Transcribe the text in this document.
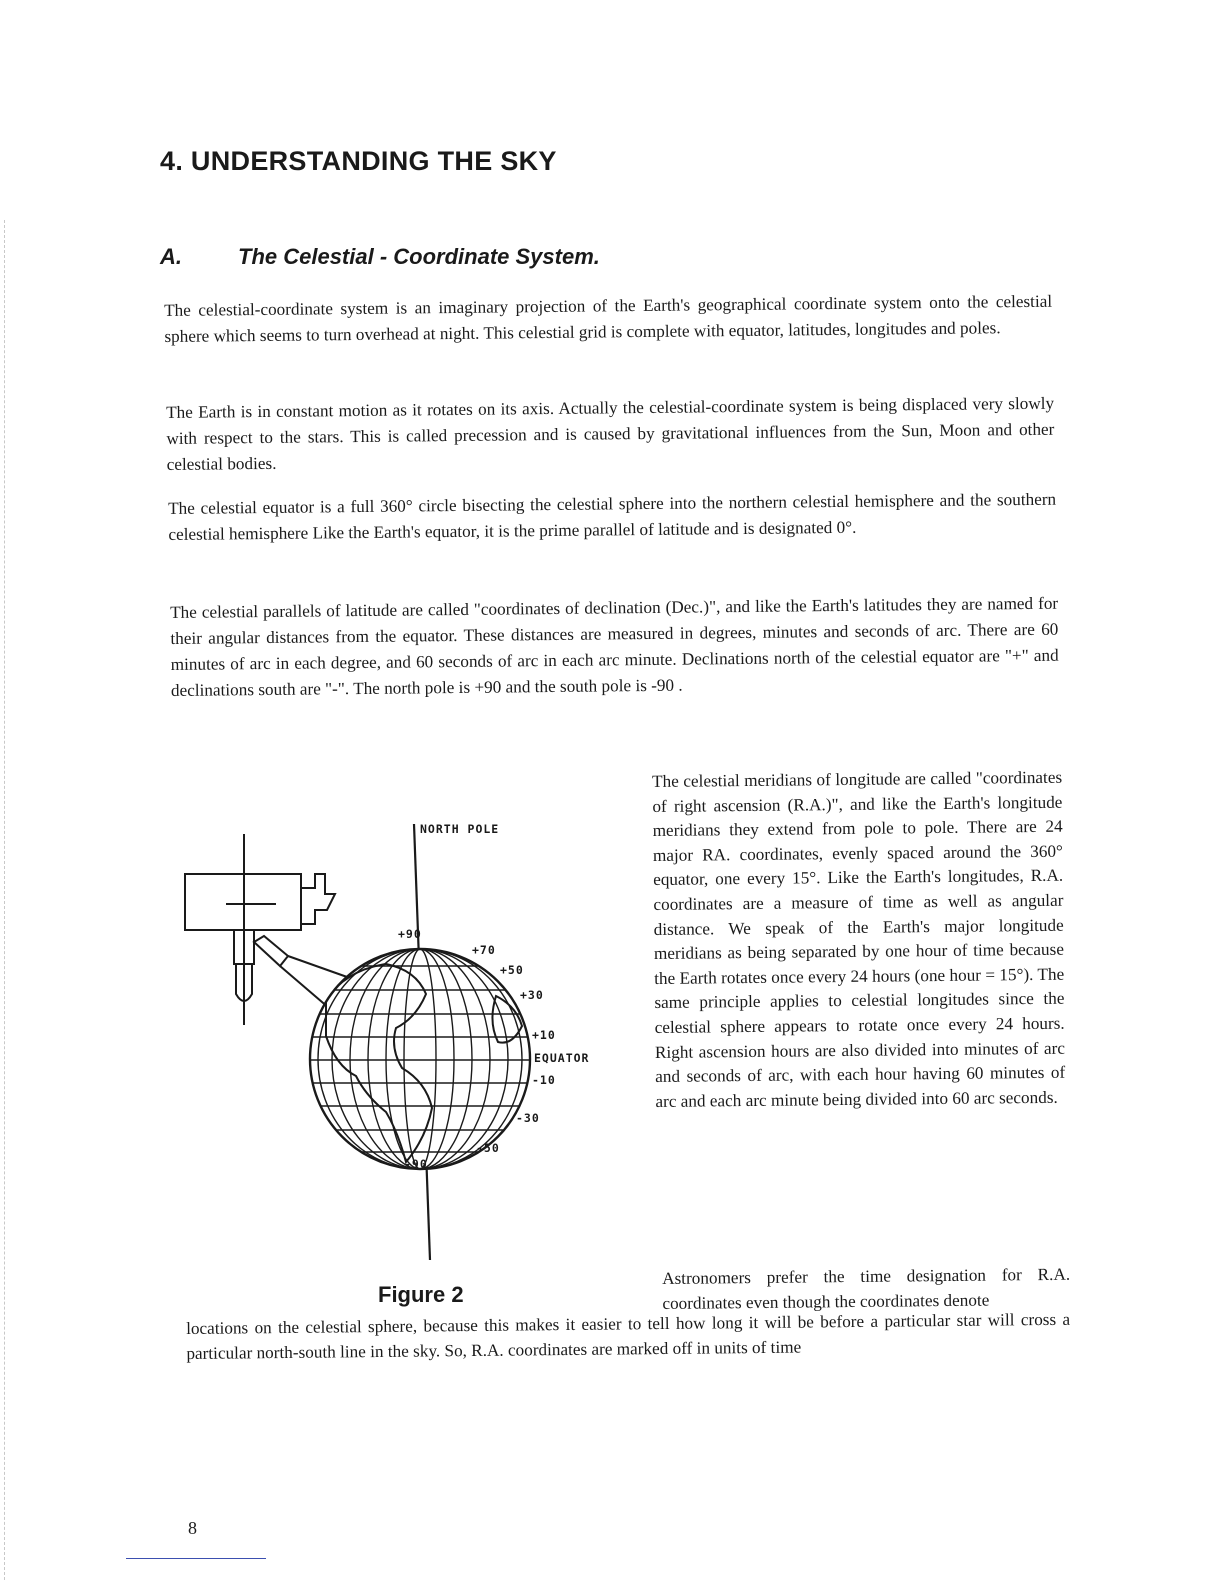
4. UNDERSTANDING THE SKY
A.	The Celestial - Coordinate System.

The celestial-coordinate system is an imaginary projection of the Earth's geographical coordinate system onto the celestial sphere which seems to turn overhead at night. This celestial grid is complete with equator, latitudes, longitudes and poles.

The Earth is in constant motion as it rotates on its axis. Actually the celestial-coordinate system is being displaced very slowly with respect to the stars. This is called precession and is caused by gravitational influences from the Sun, Moon and other celestial bodies.

The celestial equator is a full 360° circle bisecting the celestial sphere into the northern celestial hemisphere and the southern celestial hemisphere Like the Earth's equator, it is the prime parallel of latitude and is designated 0°.

The celestial parallels of latitude are called "coordinates of declination (Dec.)", and like the Earth's latitudes they are named for their angular distances from the equator. These distances are measured in degrees, minutes and seconds of arc. There are 60 minutes of arc in each degree, and 60 seconds of arc in each arc minute. Declinations north of the celestial equator are "+" and declinations south are "-". The north pole is +90 and the south pole is -90 .

NORTH POLE
+90
+70
+50
+30
+10
EQUATOR
-10
-30
-50
-90

The celestial meridians of longitude are called "coordinates of right ascension (R.A.)", and like the Earth's longitude meridians they extend from pole to pole. There are 24 major RA. coordinates, evenly spaced around the 360° equator, one every 15°. Like the Earth's longitudes, R.A. coordinates are a measure of time as well as angular distance. We speak of the Earth's major longitude meridians as being separated by one hour of time because the Earth rotates once every 24 hours (one hour = 15°). The same principle applies to celestial longitudes since the celestial sphere appears to rotate once every 24 hours. Right ascension hours are also divided into minutes of arc and seconds of arc, with each hour having 60 minutes of arc and each arc minute being divided into 60 arc seconds.

Figure 2

Astronomers prefer the time designation for R.A. coordinates even though the coordinates denote

locations on the celestial sphere, because this makes it easier to tell how long it will be before a particular star will cross a particular north-south line in the sky. So, R.A. coordinates are marked off in units of time

8
